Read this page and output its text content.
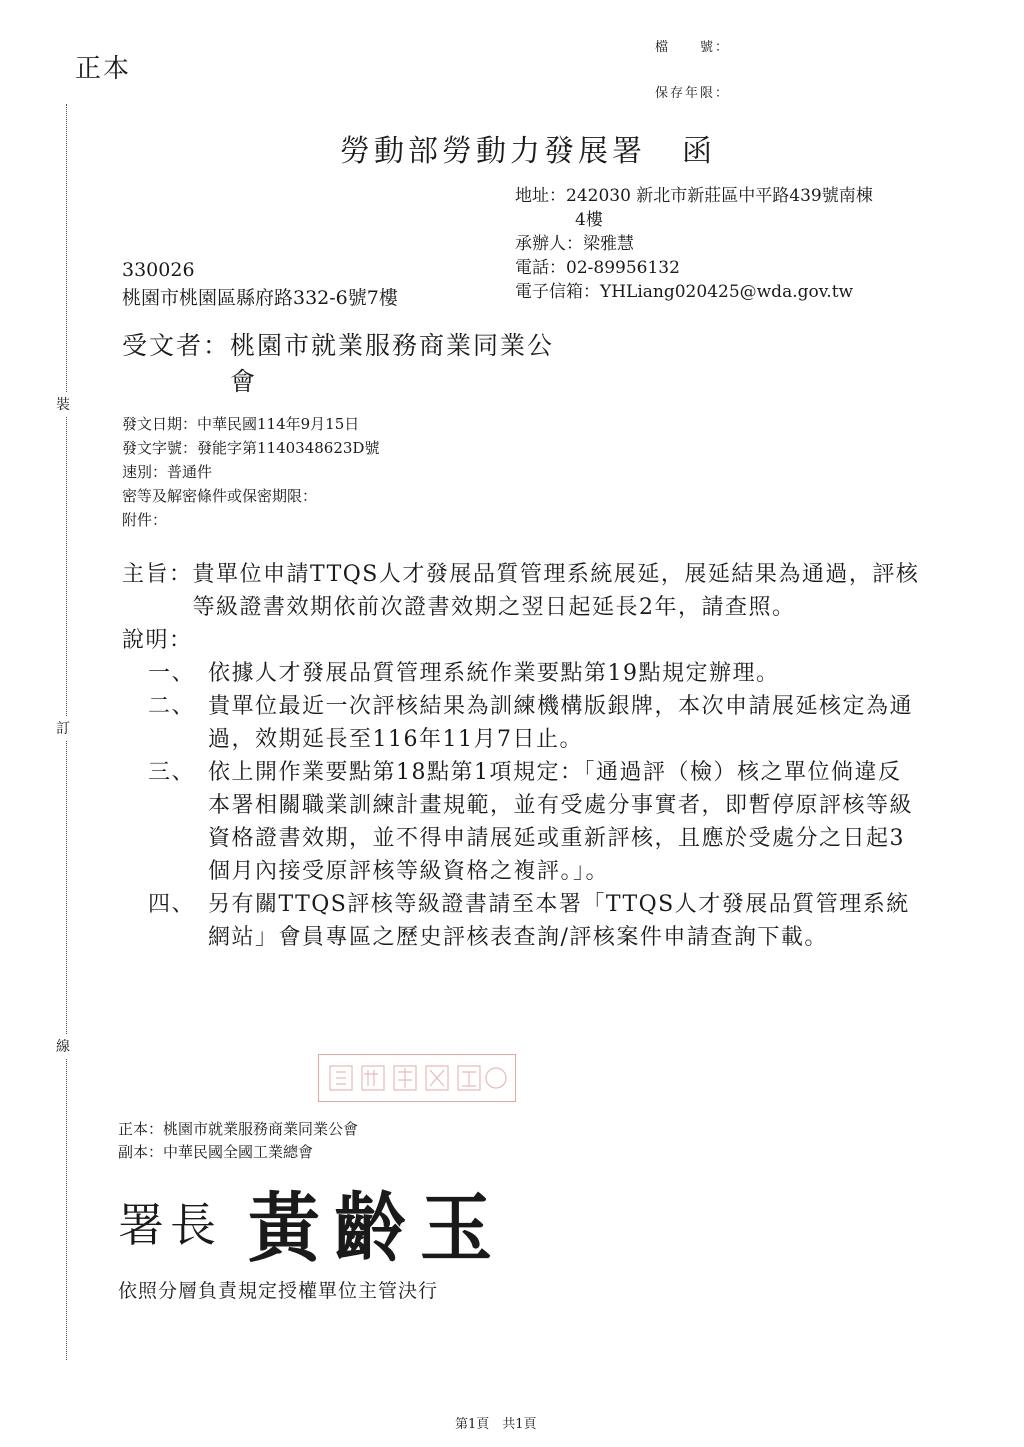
裝
訂
線
正本
檔　　號：
保存年限：
勞動部勞動力發展署 函
地址：242030 新北市新莊區中平路439號南棟
4樓
承辦人：梁雅慧
電話：02-89956132
電子信箱：YHLiang020425@wda.gov.tw
330026
桃園市桃園區縣府路332-6號7樓
受文者：桃園市就業服務商業同業公
會
發文日期：中華民國114年9月15日
發文字號：發能字第1140348623D號
速別：普通件
密等及解密條件或保密期限：
附件：
主旨： 貴單位申請TTQS人才發展品質管理系統展延，展延結果為通過，評核等級證書效期依前次證書效期之翌日起延長2年，請查照。
說明：
一、 依據人才發展品質管理系統作業要點第19點規定辦理。
二、 貴單位最近一次評核結果為訓練機構版銀牌，本次申請展延核定為通過，效期延長至116年11月7日止。
三、 依上開作業要點第18點第1項規定：「通過評（檢）核之單位倘違反本署相關職業訓練計畫規範，並有受處分事實者，即暫停原評核等級資格證書效期，並不得申請展延或重新評核，且應於受處分之日起3個月內接受原評核等級資格之複評。」。
四、 另有關TTQS評核等級證書請至本署「TTQS人才發展品質管理系統網站」會員專區之歷史評核表查詢/評核案件申請查詢下載。
正本：桃園市就業服務商業同業公會
副本：中華民國全國工業總會
署長 黃齡玉
依照分層負責規定授權單位主管決行
第1頁　共1頁
